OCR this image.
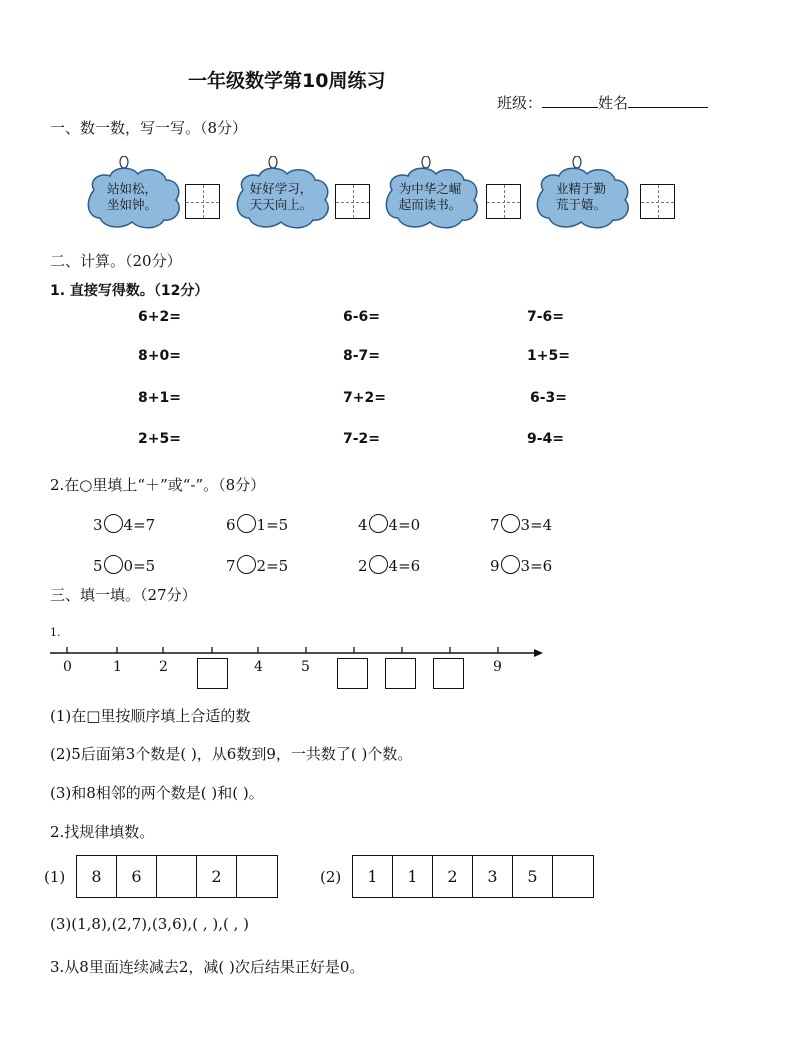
一年级数学第10周练习
班级：	姓名
一、数一数，写一写。（8分）
站如松，
坐如钟。
好好学习，
天天向上。
为中华之崛
起而读书。
业精于勤
荒于嬉。
二、计算。（20分）
1. 直接写得数。（12分）
6+2=	6-6=	7-6=
8+0=	8-7=	1+5=
8+1=	7+2=	6-3=
2+5=	7-2=	9-4=
2.在○里填上“＋”或“-”。（8分）
3 4=7	6 1=5	4 4=0	7 3=4
5 0=5	7 2=5	2 4=6	9 3=6
三、填一填。（27分）
1.
0	1	2	4	5	9
(1)在□里按顺序填上合适的数
(2)5后面第3个数是( )，从6数到9，一共数了( )个数。
(3)和8相邻的两个数是( )和( )。
2.找规律填数。
(1)	8	6	2	(2)	1	1	2	3	5
(3)(1,8),(2,7),(3,6),( , ),( , )
3.从8里面连续减去2，减( )次后结果正好是0。
